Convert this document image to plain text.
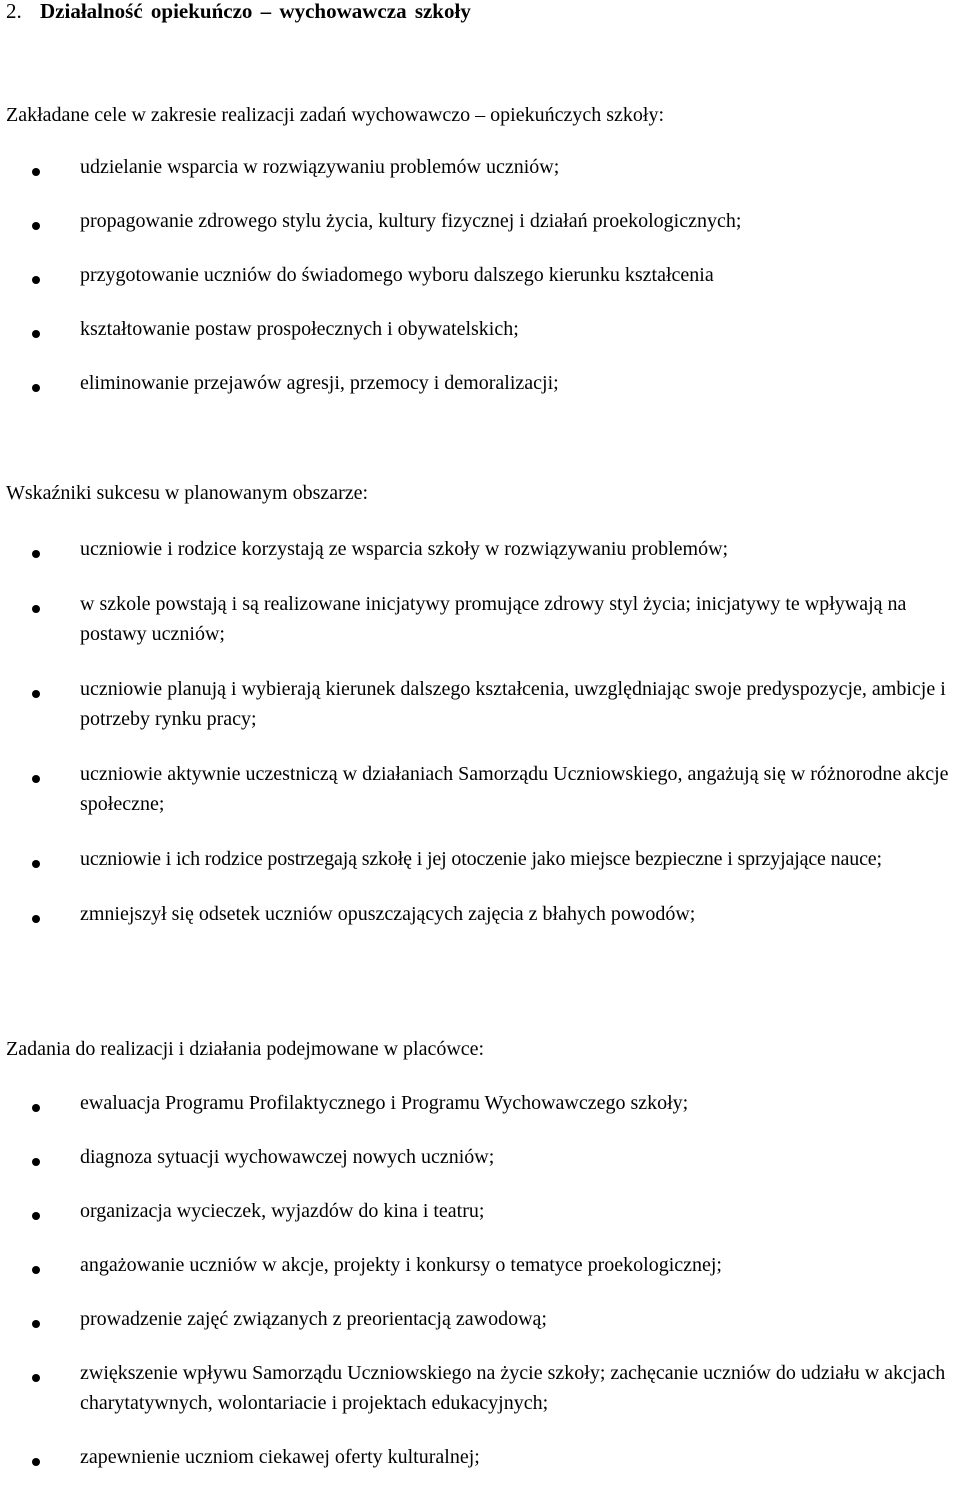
2. Działalność opiekuńczo – wychowawcza szkoły
Zakładane cele w zakresie realizacji zadań wychowawczo – opiekuńczych szkoły:
udzielanie wsparcia w rozwiązywaniu problemów uczniów;
propagowanie zdrowego stylu życia, kultury fizycznej i działań proekologicznych;
przygotowanie uczniów do świadomego wyboru dalszego kierunku kształcenia
kształtowanie postaw prospołecznych i obywatelskich;
eliminowanie przejawów agresji, przemocy i demoralizacji;
Wskaźniki sukcesu w planowanym obszarze:
uczniowie i rodzice korzystają ze wsparcia szkoły w rozwiązywaniu problemów;
w szkole powstają i są realizowane inicjatywy promujące zdrowy styl życia; inicjatywy te wpływają na postawy uczniów;
uczniowie planują i wybierają kierunek dalszego kształcenia, uwzględniając swoje predyspozycje, ambicje i potrzeby rynku pracy;
uczniowie aktywnie uczestniczą w działaniach Samorządu Uczniowskiego, angażują się w różnorodne akcje społeczne;
uczniowie i ich rodzice postrzegają szkołę i jej otoczenie jako miejsce bezpieczne i sprzyjające nauce;
zmniejszył się odsetek uczniów opuszczających zajęcia z błahych powodów;
Zadania do realizacji i działania podejmowane w placówce:
ewaluacja Programu Profilaktycznego i Programu Wychowawczego szkoły;
diagnoza sytuacji wychowawczej nowych uczniów;
organizacja wycieczek, wyjazdów do kina i teatru;
angażowanie uczniów w akcje, projekty i konkursy o tematyce proekologicznej;
prowadzenie zajęć związanych z preorientacją zawodową;
zwiększenie wpływu Samorządu Uczniowskiego na życie szkoły; zachęcanie uczniów do udziału w akcjach charytatywnych, wolontariacie i projektach edukacyjnych;
zapewnienie uczniom ciekawej oferty kulturalnej;
